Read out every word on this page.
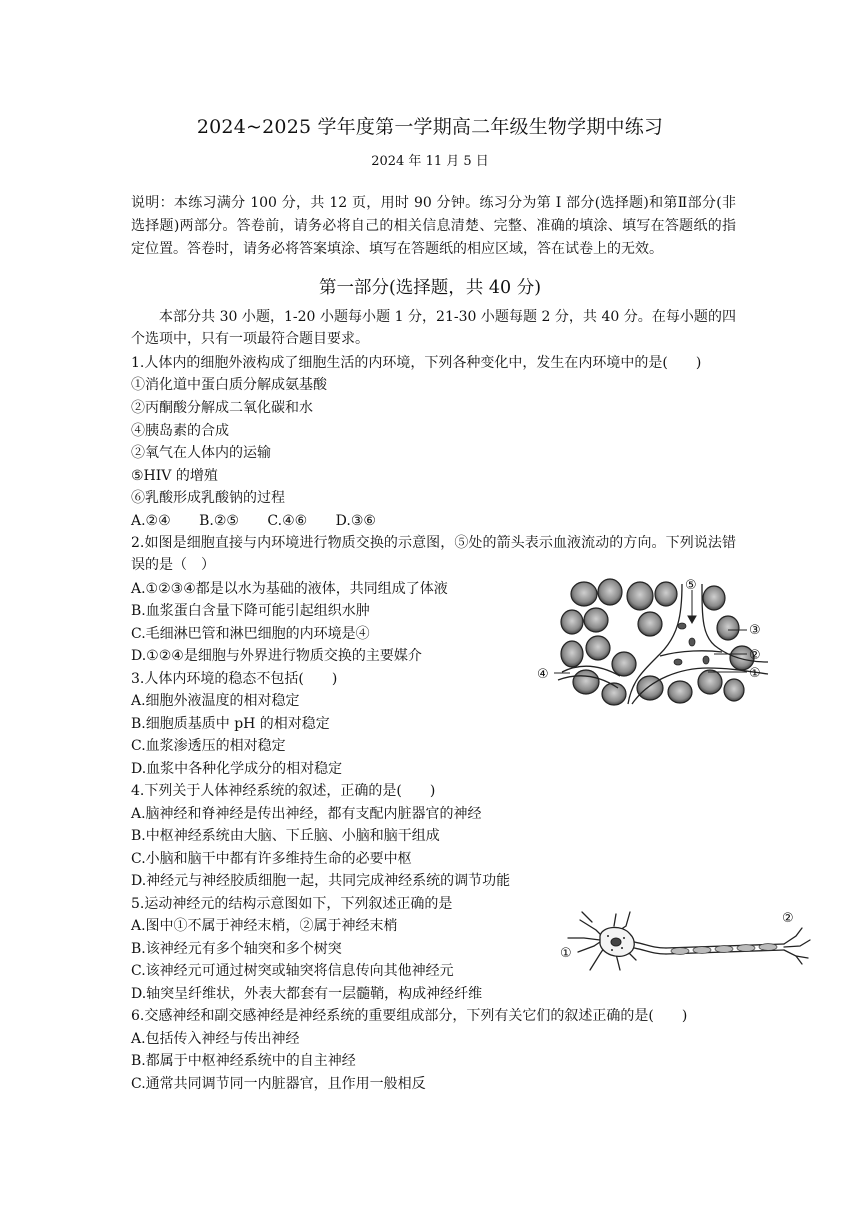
2024~2025 学年度第一学期高二年级生物学期中练习
2024 年 11 月 5 日
说明：本练习满分 100 分，共 12 页，用时 90 分钟。练习分为第 I 部分(选择题)和第Ⅱ部分(非选择题)两部分。答卷前，请务必将自己的相关信息清楚、完整、准确的填涂、填写在答题纸的指定位置。答卷时，请务必将答案填涂、填写在答题纸的相应区域，答在试卷上的无效。
第一部分(选择题，共 40 分)
本部分共 30 小题，1-20 小题每小题 1 分，21-30 小题每题 2 分，共 40 分。在每小题的四个选项中，只有一项最符合题目要求。
1.人体内的细胞外液构成了细胞生活的内环境，下列各种变化中，发生在内环境中的是(　　)
①消化道中蛋白质分解成氨基酸
②丙酮酸分解成二氧化碳和水
④胰岛素的合成
②氧气在人体内的运输
⑤HIV 的增殖
⑥乳酸形成乳酸钠的过程
A.②④ B.②⑤ C.④⑥ D.③⑥
2.如图是细胞直接与内环境进行物质交换的示意图，⑤处的箭头表示血液流动的方向。下列说法错误的是（　）
A.①②③④都是以水为基础的液体，共同组成了体液
B.血浆蛋白含量下降可能引起组织水肿
C.毛细淋巴管和淋巴细胞的内环境是④
D.①②④是细胞与外界进行物质交换的主要媒介
⑤
③
②
①
④
3.人体内环境的稳态不包括(　　)
A.细胞外液温度的相对稳定
B.细胞质基质中 pH 的相对稳定
C.血浆渗透压的相对稳定
D.血浆中各种化学成分的相对稳定
4.下列关于人体神经系统的叙述，正确的是(　　)
A.脑神经和脊神经是传出神经，都有支配内脏器官的神经
B.中枢神经系统由大脑、下丘脑、小脑和脑干组成
C.小脑和脑干中都有许多维持生命的必要中枢
D.神经元与神经胶质细胞一起，共同完成神经系统的调节功能
5.运动神经元的结构示意图如下，下列叙述正确的是
A.图中①不属于神经末梢，②属于神经末梢
B.该神经元有多个轴突和多个树突
C.该神经元可通过树突或轴突将信息传向其他神经元
D.轴突呈纤维状，外表大都套有一层髓鞘，构成神经纤维
①
②
6.交感神经和副交感神经是神经系统的重要组成部分，下列有关它们的叙述正确的是(　　)
A.包括传入神经与传出神经
B.都属于中枢神经系统中的自主神经
C.通常共同调节同一内脏器官，且作用一般相反
